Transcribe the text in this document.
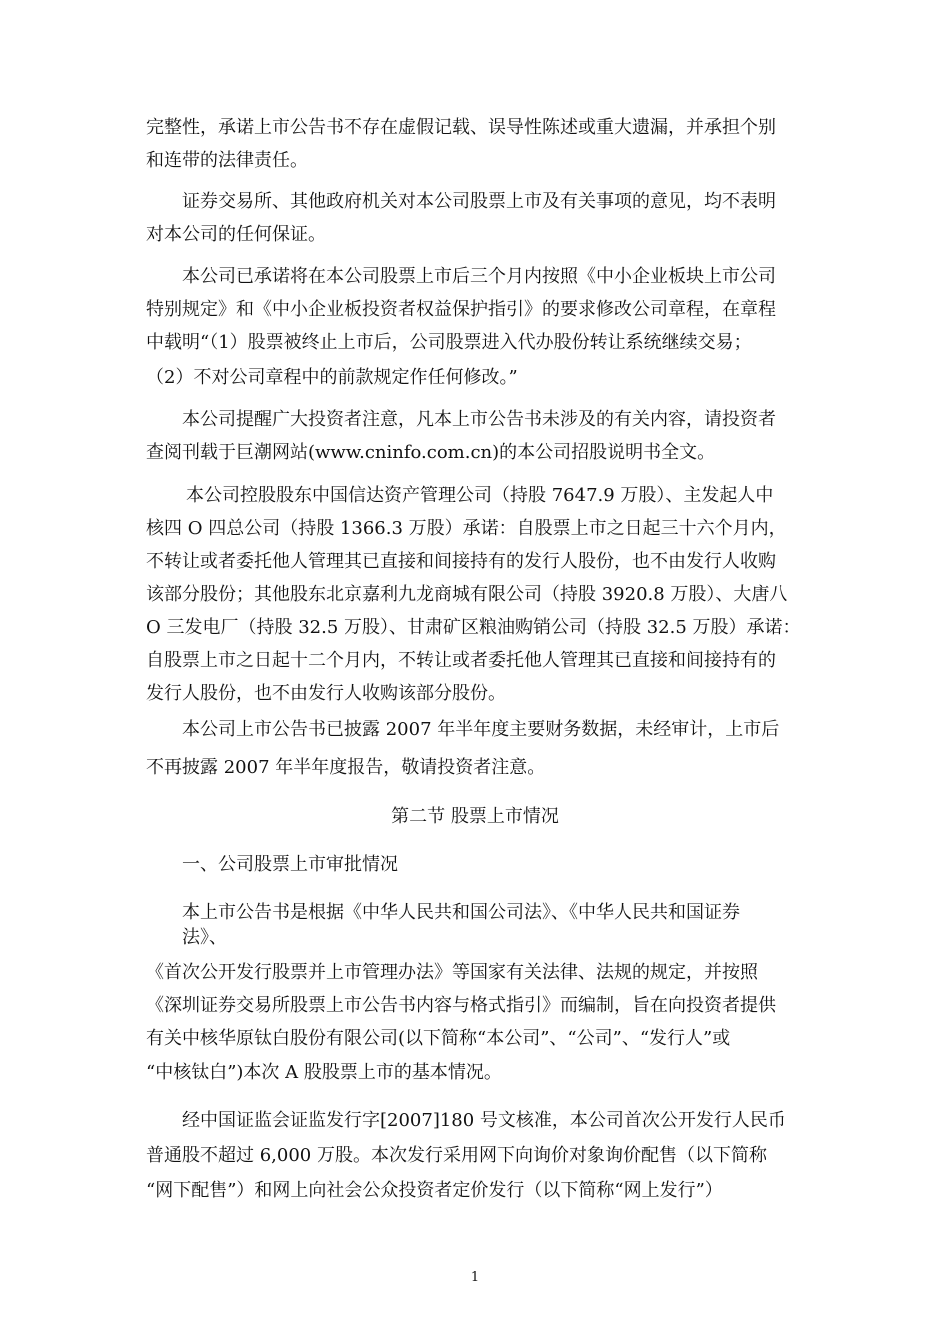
完整性，承诺上市公告书不存在虚假记载、误导性陈述或重大遗漏，并承担个别

和连带的法律责任。

证券交易所、其他政府机关对本公司股票上市及有关事项的意见，均不表明

对本公司的任何保证。

本公司已承诺将在本公司股票上市后三个月内按照《中小企业板块上市公司

特别规定》和《中小企业板投资者权益保护指引》的要求修改公司章程，在章程

中载明“（1）股票被终止上市后，公司股票进入代办股份转让系统继续交易；

（2）不对公司章程中的前款规定作任何修改。”

本公司提醒广大投资者注意，凡本上市公告书未涉及的有关内容，请投资者

查阅刊载于巨潮网站(www.cninfo.com.cn)的本公司招股说明书全文。

本公司控股股东中国信达资产管理公司（持股 7647.9 万股）、主发起人中

核四 O 四总公司（持股 1366.3 万股）承诺：自股票上市之日起三十六个月内，

不转让或者委托他人管理其已直接和间接持有的发行人股份，也不由发行人收购

该部分股份；其他股东北京嘉利九龙商城有限公司（持股 3920.8 万股）、大唐八

O 三发电厂（持股 32.5 万股）、甘肃矿区粮油购销公司（持股 32.5 万股）承诺：

自股票上市之日起十二个月内，不转让或者委托他人管理其已直接和间接持有的

发行人股份，也不由发行人收购该部分股份。

本公司上市公告书已披露 2007 年半年度主要财务数据，未经审计，上市后

不再披露 2007 年半年度报告，敬请投资者注意。

第二节 股票上市情况

一、公司股票上市审批情况

本上市公告书是根据《中华人民共和国公司法》、《中华人民共和国证券

法》、

《首次公开发行股票并上市管理办法》等国家有关法律、法规的规定，并按照

《深圳证券交易所股票上市公告书内容与格式指引》而编制，旨在向投资者提供

有关中核华原钛白股份有限公司(以下简称“本公司”、“公司”、“发行人”或

“中核钛白”)本次 A 股股票上市的基本情况。

经中国证监会证监发行字[2007]180 号文核准，本公司首次公开发行人民币

普通股不超过 6,000 万股。本次发行采用网下向询价对象询价配售（以下简称

“网下配售”）和网上向社会公众投资者定价发行（以下简称“网上发行”）

1
